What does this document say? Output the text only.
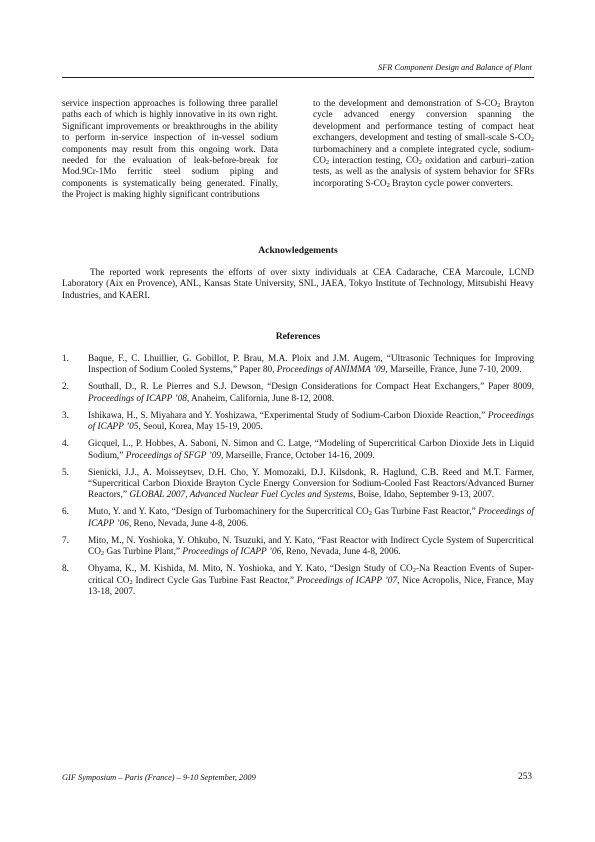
SFR Component Design and Balance of Plant
service inspection approaches is following three parallel paths each of which is highly innovative in its own right. Significant improvements or breakthroughs in the ability to perform in-service inspection of in-vessel sodium components may result from this ongoing work. Data needed for the evaluation of leak-before-break for Mod.9Cr-1Mo ferritic steel sodium piping and components is systematically being generated. Finally, the Project is making highly significant contributions
to the development and demonstration of $S-CO_2$ Brayton cycle advanced energy conversion spanning the development and performance testing of compact heat exchangers, development and testing of small-scale $S-CO_2$ turbomachinery and a complete integrated cycle, sodium-$CO_2$ interaction testing, $CO_2$ oxidation and carburi–zation tests, as well as the analysis of system behavior for SFRs incorporating $S-CO_2$ Brayton cycle power converters.
Acknowledgements
The reported work represents the efforts of over sixty individuals at CEA Cadarache, CEA Marcoule, LCND Laboratory (Aix en Provence), ANL, Kansas State University, SNL, JAEA, Tokyo Institute of Technology, Mitsubishi Heavy Industries, and KAERI.
References
1. Baque, F., C. Lhuillier, G. Gobillot, P. Brau, M.A. Ploix and J.M. Augem, “Ultrasonic Techniques for Improving Inspection of Sodium Cooled Systems,” Paper 80, Proceedings of ANIMMA ’09, Marseille, France, June 7-10, 2009.
2. Southall, D., R. Le Pierres and S.J. Dewson, “Design Considerations for Compact Heat Exchangers,” Paper 8009, Proceedings of ICAPP ’08, Anaheim, California, June 8-12, 2008.
3. Ishikawa, H., S. Miyahara and Y. Yoshizawa, “Experimental Study of Sodium-Carbon Dioxide Reaction,” Proceedings of ICAPP ’05, Seoul, Korea, May 15-19, 2005.
4. Gicquel, L., P. Hobbes, A. Saboni, N. Simon and C. Latge, “Modeling of Supercritical Carbon Dioxide Jets in Liquid Sodium,” Proceedings of SFGP ’09, Marseille, France, October 14-16, 2009.
5. Sienicki, J.J., A. Moisseytsev, D.H. Cho, Y. Momozaki, D.J. Kilsdonk, R. Haglund, C.B. Reed and M.T. Farmer, “Supercritical Carbon Dioxide Brayton Cycle Energy Conversion for Sodium-Cooled Fast Reactors/Advanced Burner Reactors,” GLOBAL 2007, Advanced Nuclear Fuel Cycles and Systems, Boise, Idaho, September 9-13, 2007.
6. Muto, Y. and Y. Kato, “Design of Turbomachinery for the Supercritical $CO_2$ Gas Turbine Fast Reactor,” Proceedings of ICAPP ’06, Reno, Nevada, June 4-8, 2006.
7. Mito, M., N. Yoshioka, Y. Ohkubo, N. Tsuzuki, and Y. Kato, “Fast Reactor with Indirect Cycle System of Supercritical $CO_2$ Gas Turbine Plant,” Proceedings of ICAPP ’06, Reno, Nevada, June 4-8, 2006.
8. Ohyama, K., M. Kishida, M. Mito, N. Yoshioka, and Y. Kato, “Design Study of $CO_2-Na$ Reaction Events of Super-critical $CO_2$ Indirect Cycle Gas Turbine Fast Reactor,” Proceedings of ICAPP ’07, Nice Acropolis, Nice, France, May 13-18, 2007.
GIF Symposium – Paris (France) – 9-10 September, 2009	253
